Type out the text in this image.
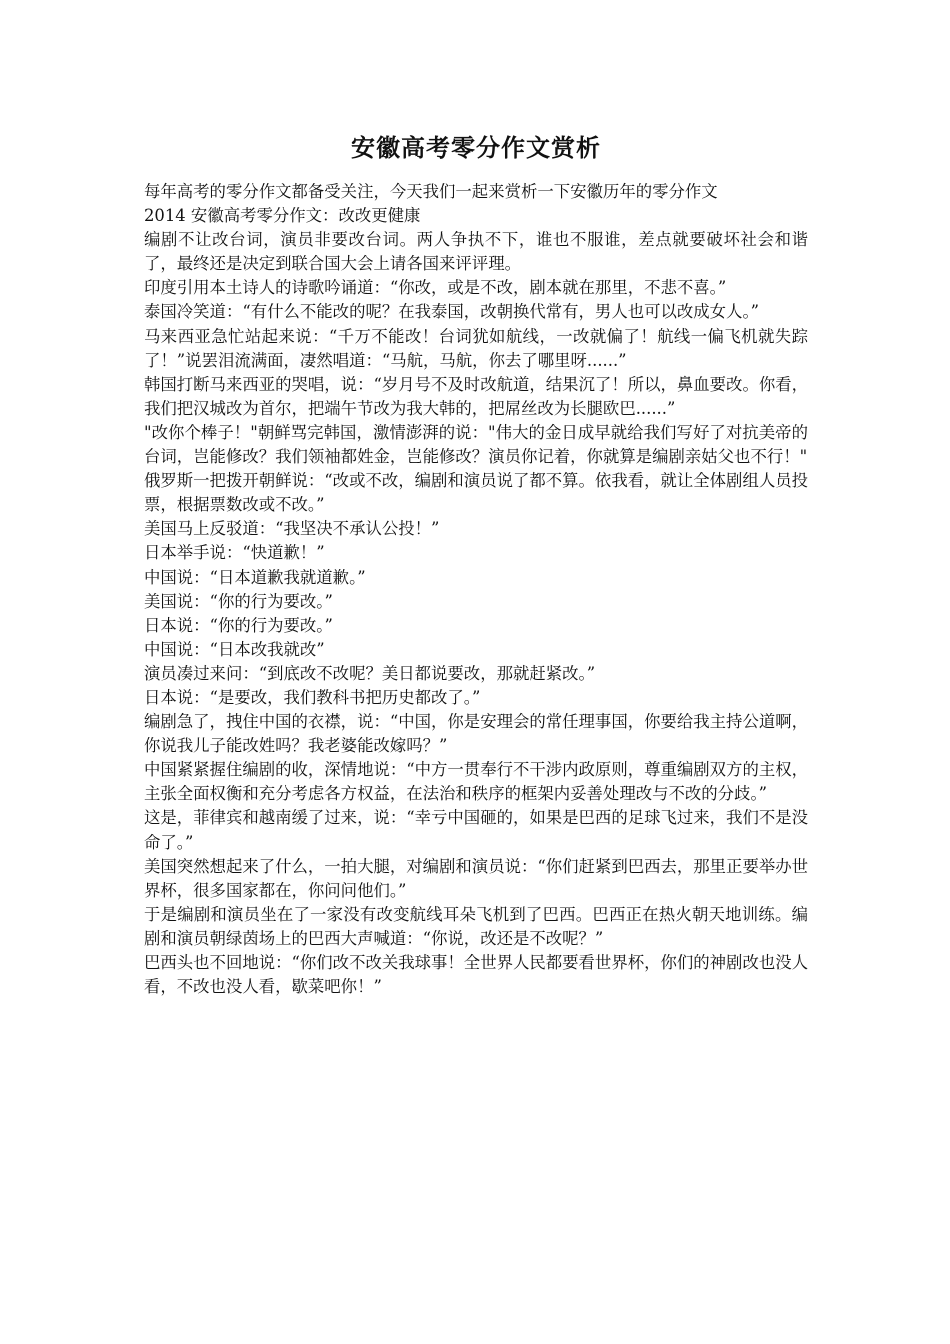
安徽高考零分作文赏析

每年高考的零分作文都备受关注，今天我们一起来赏析一下安徽历年的零分作文

2014 安徽高考零分作文：改改更健康

编剧不让改台词，演员非要改台词。两人争执不下，谁也不服谁，差点就要破坏社会和谐了，最终还是决定到联合国大会上请各国来评评理。

印度引用本土诗人的诗歌吟诵道：“你改，或是不改，剧本就在那里，不悲不喜。”

泰国冷笑道：“有什么不能改的呢？在我泰国，改朝换代常有，男人也可以改成女人。”

马来西亚急忙站起来说：“千万不能改！台词犹如航线，一改就偏了！航线一偏飞机就失踪了！”说罢泪流满面，凄然唱道：“马航，马航，你去了哪里呀......”

韩国打断马来西亚的哭唱，说：“岁月号不及时改航道，结果沉了！所以，鼻血要改。你看，我们把汉城改为首尔，把端午节改为我大韩的，把屌丝改为长腿欧巴......”

"改你个棒子！"朝鲜骂完韩国，激情澎湃的说："伟大的金日成早就给我们写好了对抗美帝的台词，岂能修改？我们领袖都姓金，岂能修改？演员你记着，你就算是编剧亲姑父也不行！"

俄罗斯一把拨开朝鲜说：“改或不改，编剧和演员说了都不算。依我看，就让全体剧组人员投票，根据票数改或不改。”

美国马上反驳道：“我坚决不承认公投！”

日本举手说：“快道歉！”

中国说：“日本道歉我就道歉。”

美国说：“你的行为要改。”

日本说：“你的行为要改。”

中国说：“日本改我就改”

演员凑过来问：“到底改不改呢？美日都说要改，那就赶紧改。”

日本说：“是要改，我们教科书把历史都改了。”

编剧急了，拽住中国的衣襟，说：“中国，你是安理会的常任理事国，你要给我主持公道啊，你说我儿子能改姓吗？我老婆能改嫁吗？”

中国紧紧握住编剧的收，深情地说：“中方一贯奉行不干涉内政原则，尊重编剧双方的主权，主张全面权衡和充分考虑各方权益，在法治和秩序的框架内妥善处理改与不改的分歧。”

这是，菲律宾和越南缓了过来，说：“幸亏中国砸的，如果是巴西的足球飞过来，我们不是没命了。”

美国突然想起来了什么，一拍大腿，对编剧和演员说：“你们赶紧到巴西去，那里正要举办世界杯，很多国家都在，你问问他们。”

于是编剧和演员坐在了一家没有改变航线耳朵飞机到了巴西。巴西正在热火朝天地训练。编剧和演员朝绿茵场上的巴西大声喊道：“你说，改还是不改呢？”

巴西头也不回地说：“你们改不改关我球事！全世界人民都要看世界杯，你们的神剧改也没人看，不改也没人看，歇菜吧你！”
